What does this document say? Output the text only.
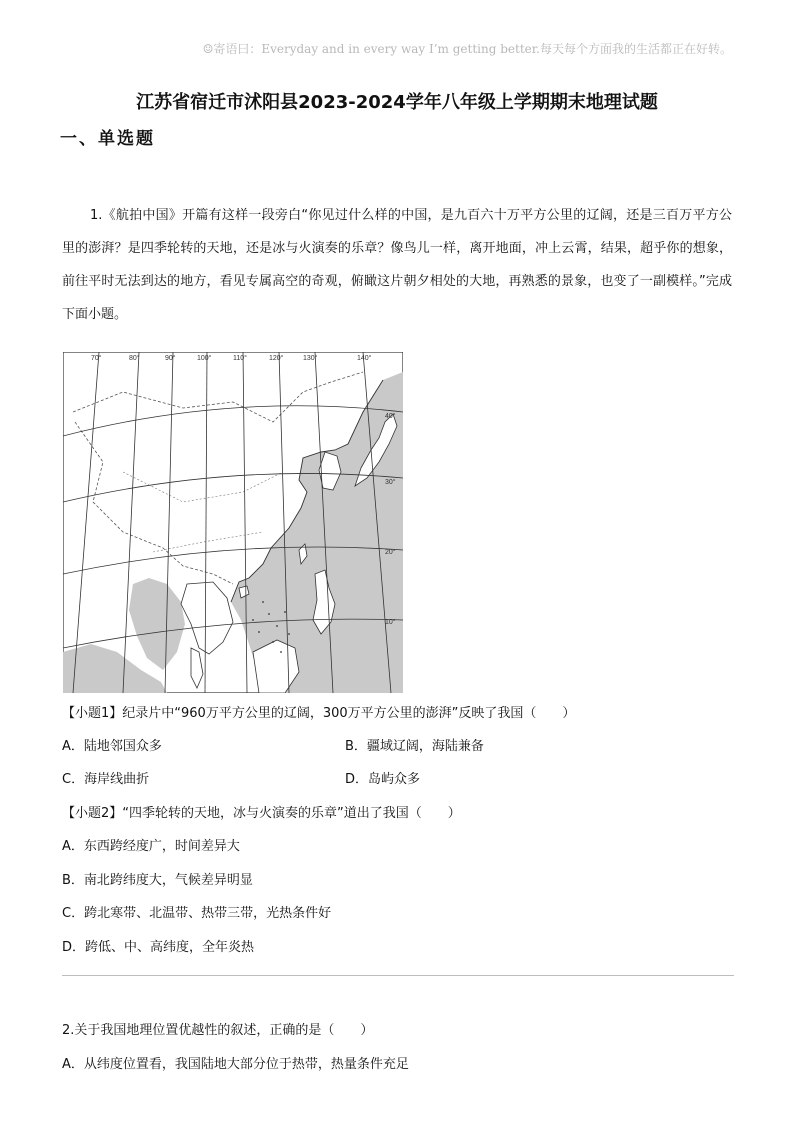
☺寄语曰：Everyday and in every way I’m getting better.每天每个方面我的生活都正在好转。
江苏省宿迁市沭阳县2023-2024学年八年级上学期期末地理试题
一、单选题

1.《航拍中国》开篇有这样一段旁白“你见过什么样的中国，是九百六十万平方公里的辽阔，还是三百万平方公里的澎湃？是四季轮转的天地，还是冰与火演奏的乐章？像鸟儿一样，离开地面，冲上云霄，结果，超乎你的想象，前往平时无法到达的地方，看见专属高空的奇观，俯瞰这片朝夕相处的大地，再熟悉的景象，也变了一副模样。”完成下面小题。

70°	80°	90°	100°	110°	120°	130°	140°
40°
30°
20°
10°

【小题1】纪录片中“960万平方公里的辽阔，300万平方公里的澎湃”反映了我国（　　）

A．陆地邻国众多	B．疆域辽阔，海陆兼备
C．海岸线曲折	D．岛屿众多

【小题2】“四季轮转的天地，冰与火演奏的乐章”道出了我国（　　）

A．东西跨经度广，时间差异大
B．南北跨纬度大，气候差异明显
C．跨北寒带、北温带、热带三带，光热条件好
D．跨低、中、高纬度，全年炎热

2.关于我国地理位置优越性的叙述，正确的是（　　）

A．从纬度位置看，我国陆地大部分位于热带，热量条件充足
